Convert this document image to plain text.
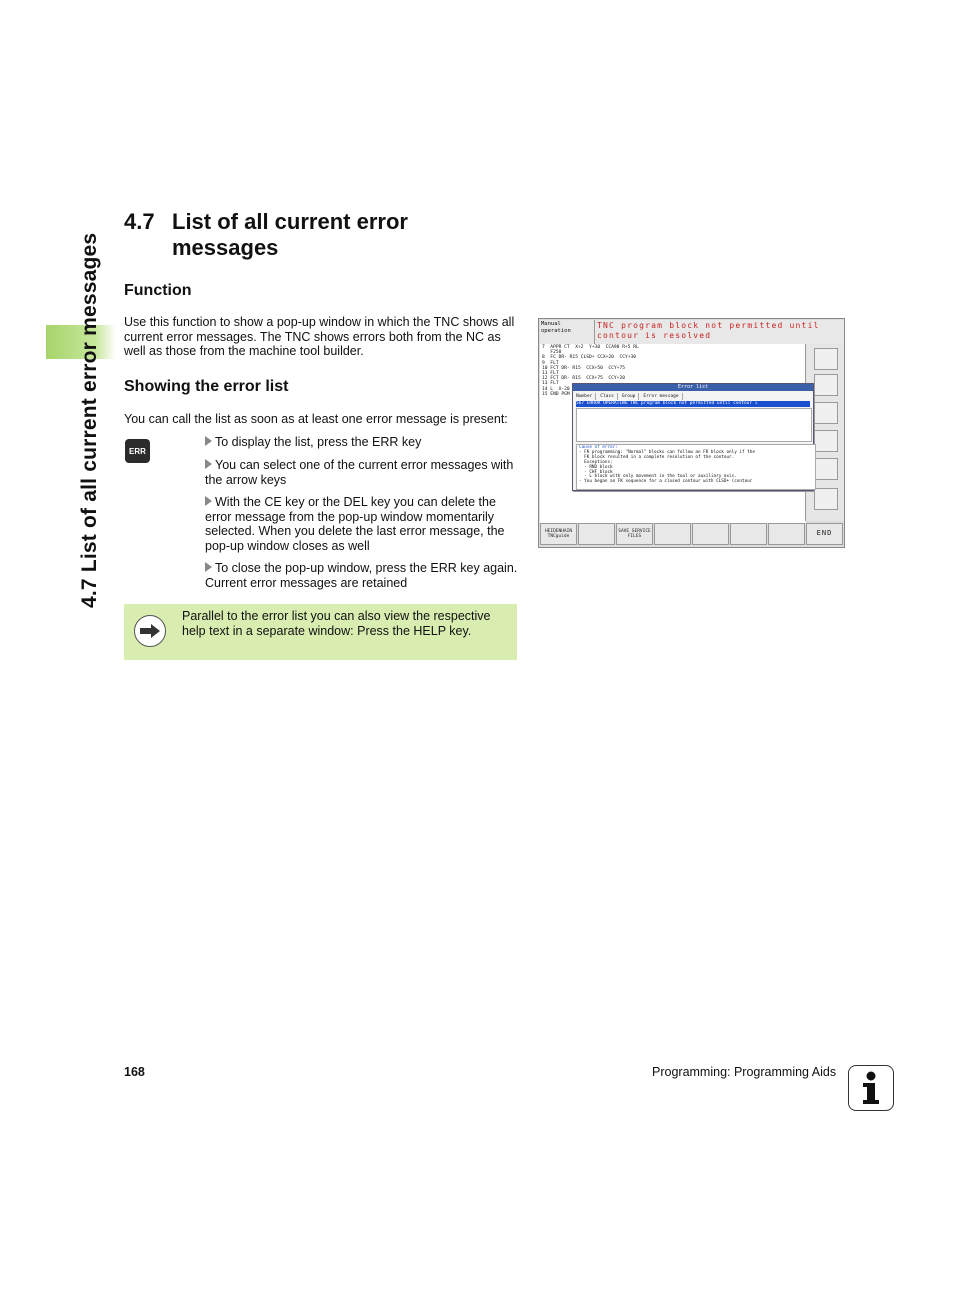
4.7 List of all current error messages
4.7 List of all current error messages
Function
Use this function to show a pop-up window in which the TNC shows all current error messages. The TNC shows errors both from the NC as well as those from the machine tool builder.
Showing the error list
You can call the list as soon as at least one error message is present:
ERR
To display the list, press the ERR key
You can select one of the current error messages with the arrow keys
With the CE key or the DEL key you can delete the error message from the pop-up window momentarily selected. When you delete the last error message, the pop-up window closes as well
To close the pop-up window, press the ERR key again. Current error messages are retained
Parallel to the error list you can also view the respective help text in a separate window: Press the HELP key.
Manual operation
TNC program block not permitted until contour is resolved
7  APPR CT  X+2  Y+30  CCA90 R+5 RL
F250
8  FC DR- R15 CLSD+ CCX+20  CCY+30
9  FLT
10 FCT DR- R15  CCX+50  CCY+75
11 FLT
12 FCT DR- R15  CCX+75  CCY+20
13 FLT
14 L  X-20
15 END PGM
Error list
Number	Class	Group	Error message
567 ERROR OPERATING TNC program block not permitted until contour i
Cause of error:
- FK programming: "Normal" blocks can follow an FK block only if the
FK block resulted in a complete resolution of the contour.
Exceptions:
- RND block
- CHF block
- L block with only movement in the tool or auxiliary axis.
- You began an FK sequence for a closed contour with CLSD+ (contour
HEIDENHAIN TNCguide
SAVE SERVICE FILES	END
168	Programming: Programming Aids
